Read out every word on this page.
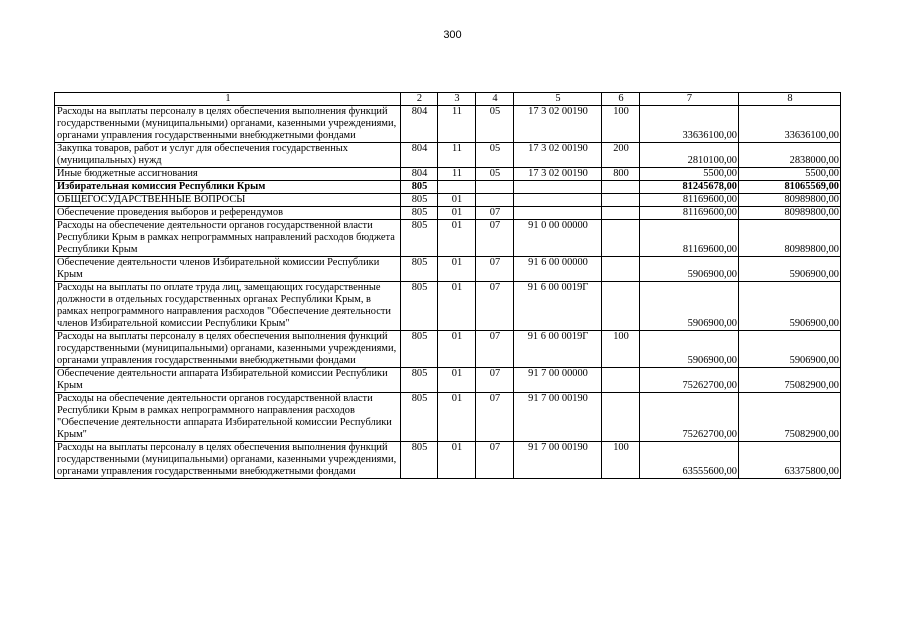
300
1	2	3	4	5	6	7	8
Расходы на выплаты персоналу в целях обеспечения выполнения функций государственными (муниципальными) органами, казенными учреждениями, органами управления государственными внебюджетными фондами	804	11	05	17 3 02 00190	100	33636100,00	33636100,00
Закупка товаров, работ и услуг для обеспечения государственных (муниципальных) нужд	804	11	05	17 3 02 00190	200	2810100,00	2838000,00
Иные бюджетные ассигнования	804	11	05	17 3 02 00190	800	5500,00	5500,00
Избирательная комиссия Республики Крым	805					81245678,00	81065569,00
ОБЩЕГОСУДАРСТВЕННЫЕ ВОПРОСЫ	805	01				81169600,00	80989800,00
Обеспечение проведения выборов и референдумов	805	01	07			81169600,00	80989800,00
Расходы на обеспечение деятельности органов государственной власти Республики Крым в рамках непрограммных направлений расходов бюджета Республики Крым	805	01	07	91 0 00 00000		81169600,00	80989800,00
Обеспечение деятельности членов Избирательной комиссии Республики Крым	805	01	07	91 6 00 00000		5906900,00	5906900,00
Расходы на выплаты по оплате труда лиц, замещающих государственные должности в отдельных государственных органах Республики Крым, в рамках непрограммного направления расходов "Обеспечение деятельности членов Избирательной комиссии Республики Крым"	805	01	07	91 6 00 0019Г		5906900,00	5906900,00
Расходы на выплаты персоналу в целях обеспечения выполнения функций государственными (муниципальными) органами, казенными учреждениями, органами управления государственными внебюджетными фондами	805	01	07	91 6 00 0019Г	100	5906900,00	5906900,00
Обеспечение деятельности аппарата Избирательной комиссии Республики Крым	805	01	07	91 7 00 00000		75262700,00	75082900,00
Расходы на обеспечение деятельности органов государственной власти Республики Крым в рамках непрограммного направления расходов "Обеспечение деятельности аппарата Избирательной комиссии Республики Крым"	805	01	07	91 7 00 00190		75262700,00	75082900,00
Расходы на выплаты персоналу в целях обеспечения выполнения функций государственными (муниципальными) органами, казенными учреждениями, органами управления государственными внебюджетными фондами	805	01	07	91 7 00 00190	100	63555600,00	63375800,00
